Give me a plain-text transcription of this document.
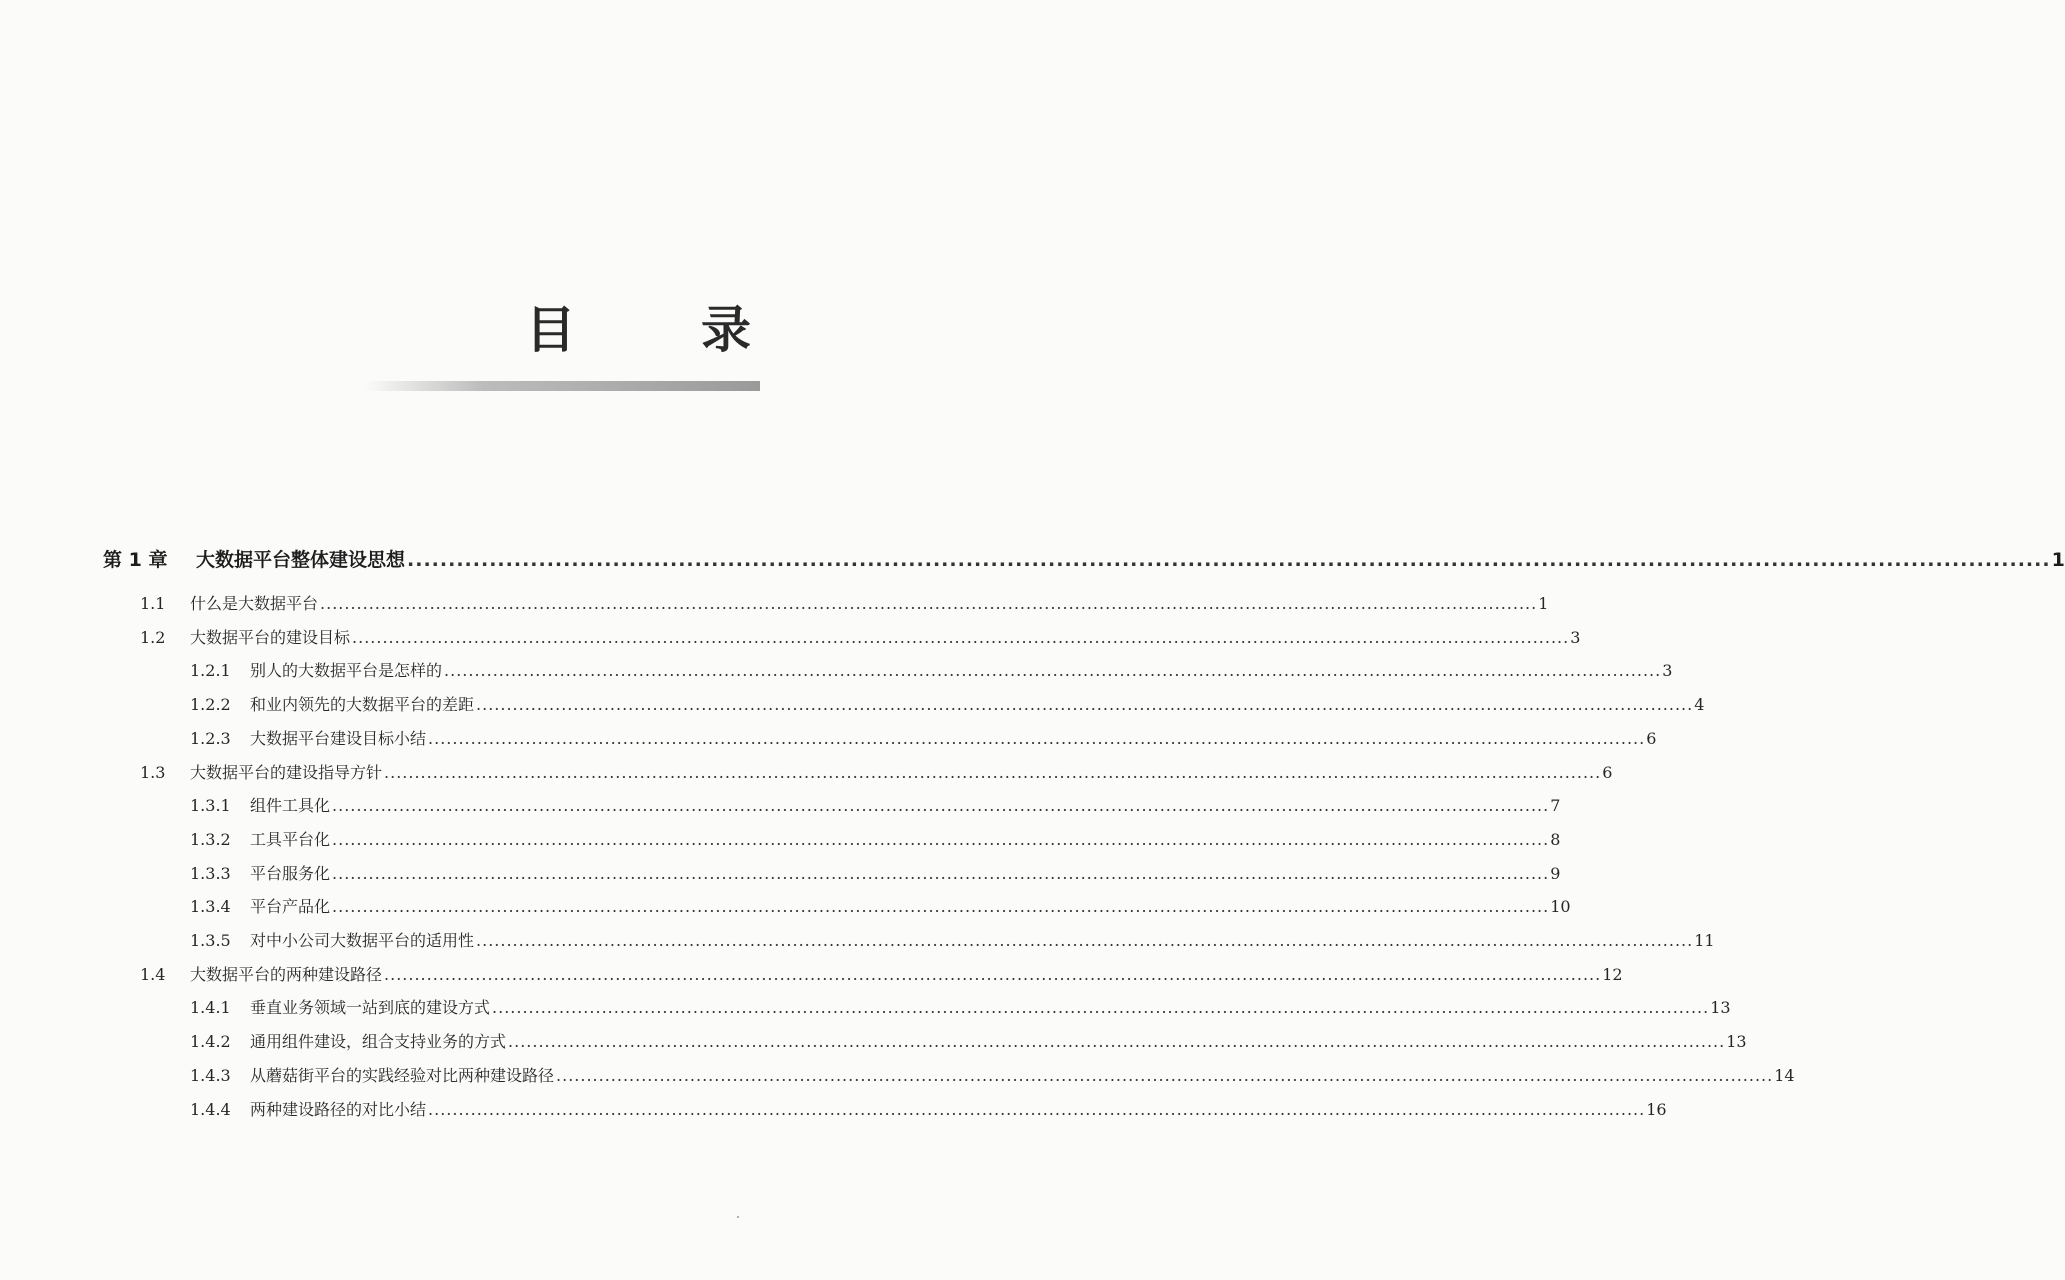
目 录
第 1 章	大数据平台整体建设思想 ........................................................................................................................................................................................................ 1
1.1	什么是大数据平台 ........................................................................................................................................................................................................ 1
1.2	大数据平台的建设目标 ........................................................................................................................................................................................................ 3
1.2.1	别人的大数据平台是怎样的 ........................................................................................................................................................................................................ 3
1.2.2	和业内领先的大数据平台的差距 ........................................................................................................................................................................................................ 4
1.2.3	大数据平台建设目标小结 ........................................................................................................................................................................................................ 6
1.3	大数据平台的建设指导方针 ........................................................................................................................................................................................................ 6
1.3.1	组件工具化 ........................................................................................................................................................................................................ 7
1.3.2	工具平台化 ........................................................................................................................................................................................................ 8
1.3.3	平台服务化 ........................................................................................................................................................................................................ 9
1.3.4	平台产品化 ........................................................................................................................................................................................................ 10
1.3.5	对中小公司大数据平台的适用性 ........................................................................................................................................................................................................ 11
1.4	大数据平台的两种建设路径 ........................................................................................................................................................................................................ 12
1.4.1	垂直业务领域一站到底的建设方式 ........................................................................................................................................................................................................ 13
1.4.2	通用组件建设，组合支持业务的方式 ........................................................................................................................................................................................................ 13
1.4.3	从蘑菇街平台的实践经验对比两种建设路径 ........................................................................................................................................................................................................ 14
1.4.4	两种建设路径的对比小结 ........................................................................................................................................................................................................ 16
